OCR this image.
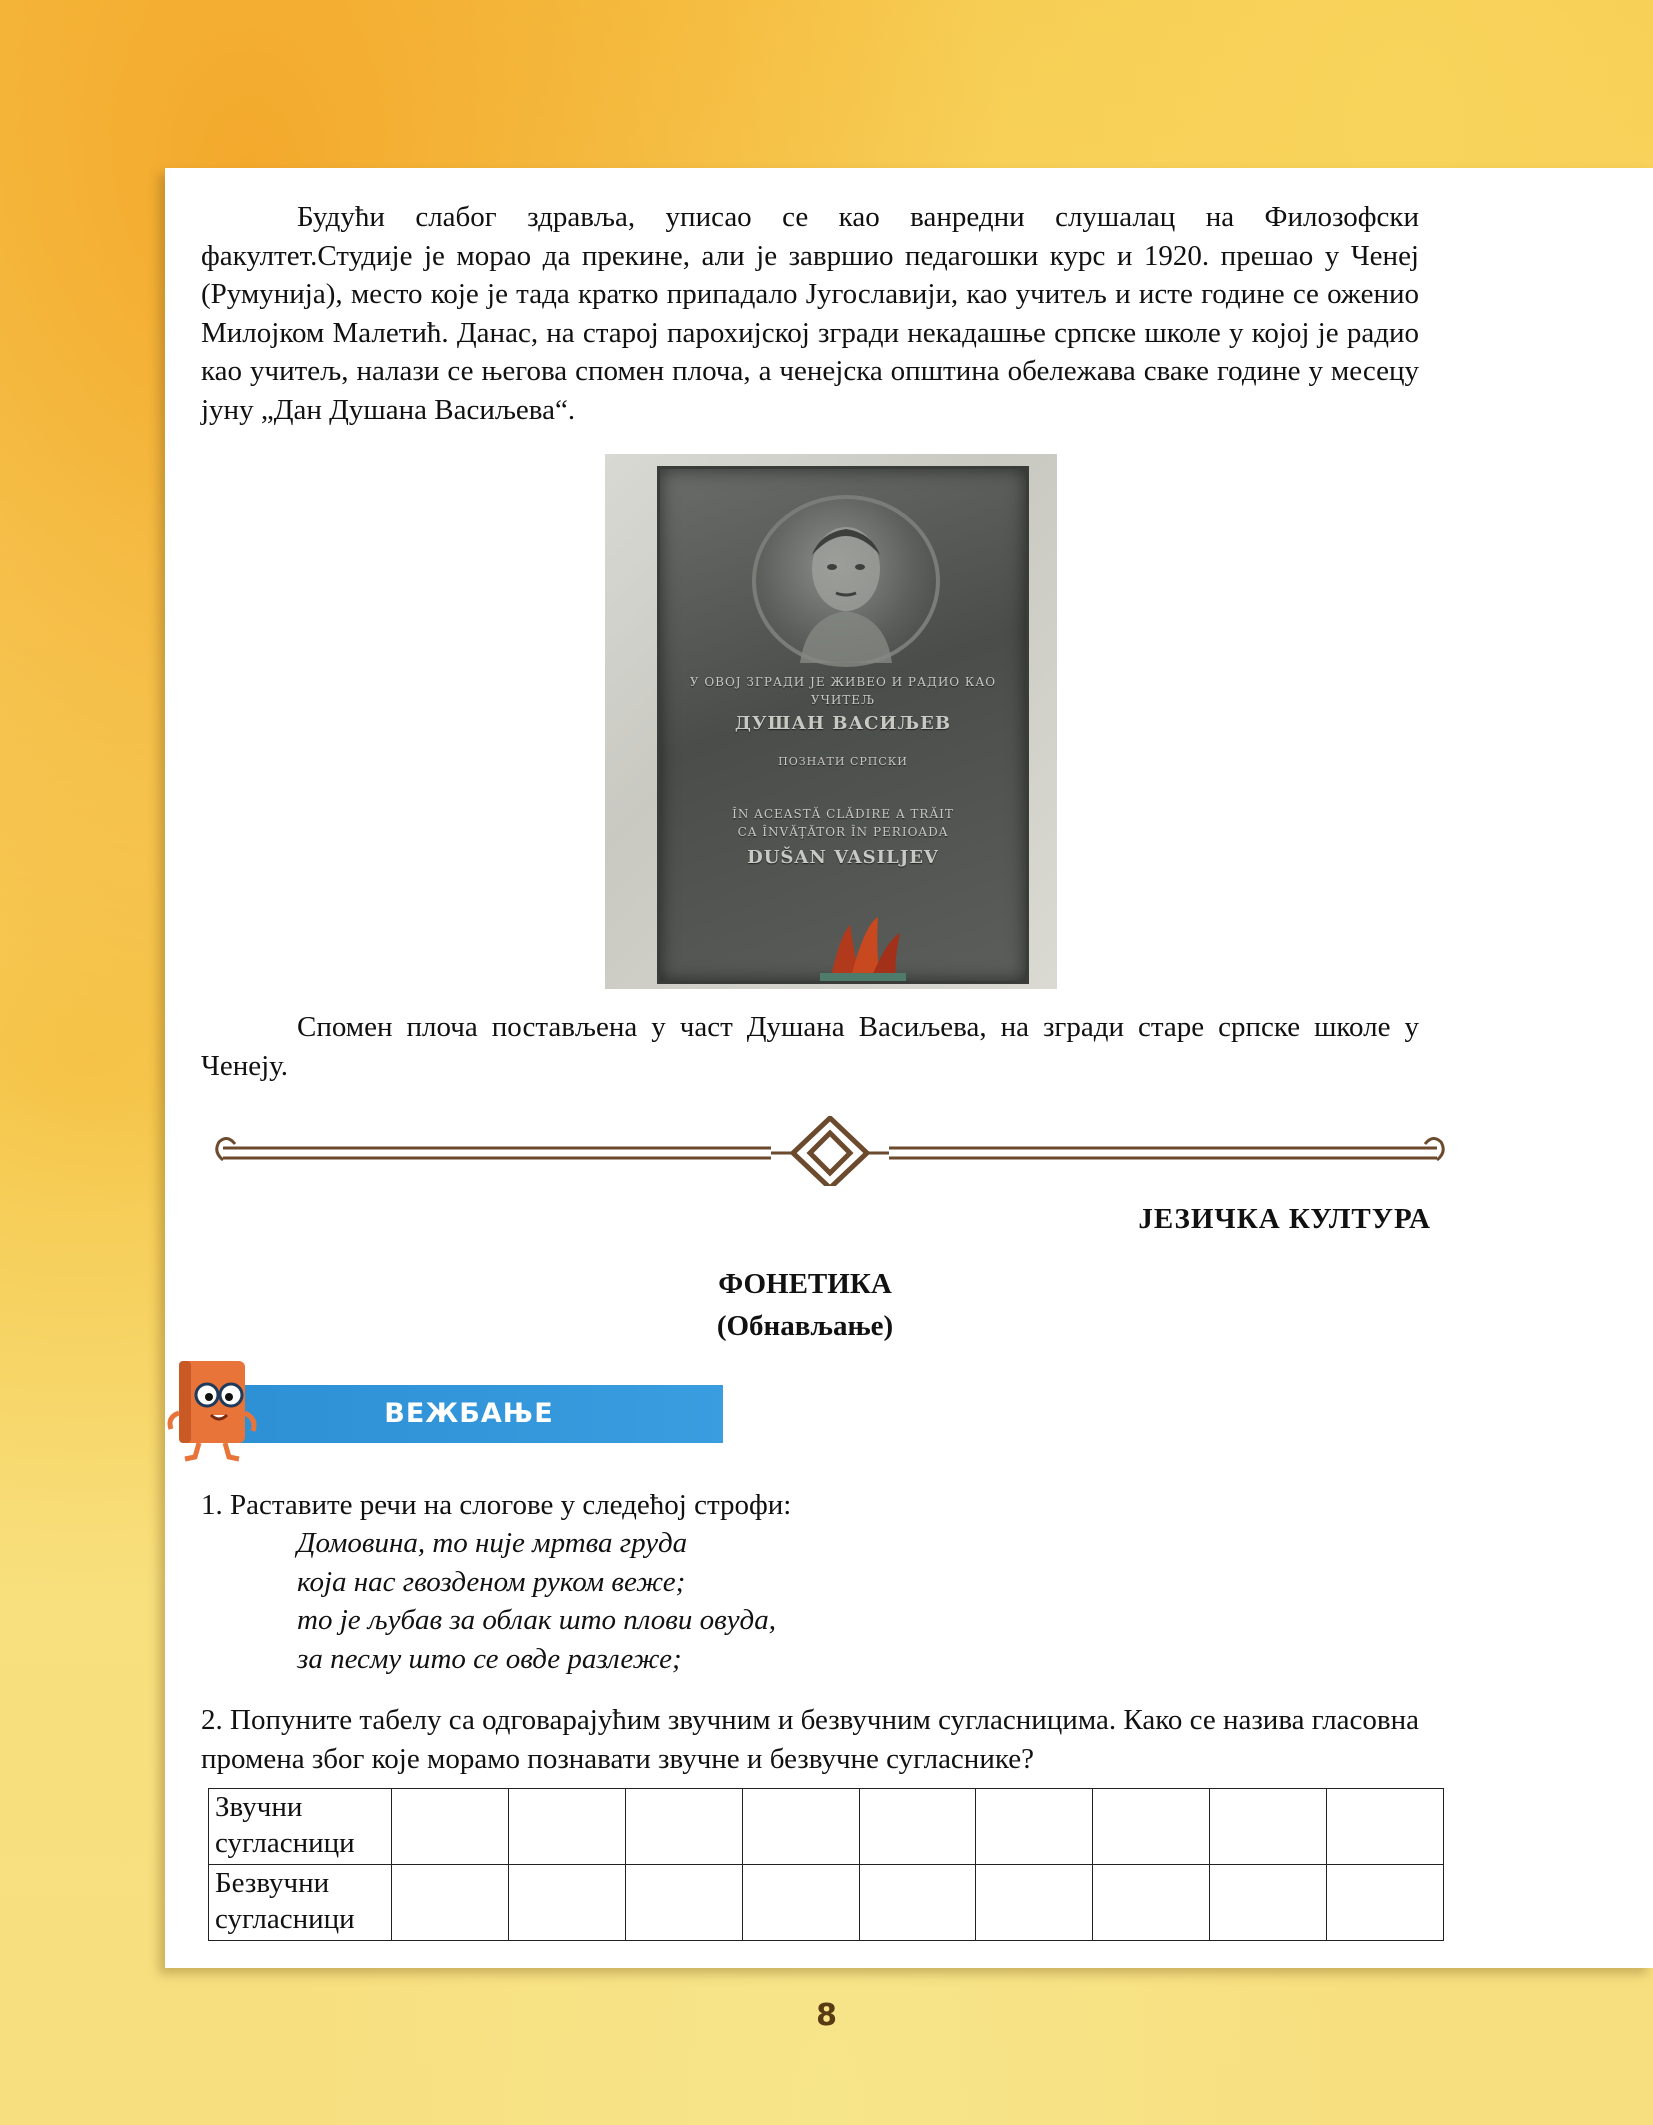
Будући слабог здравља, уписао се као ванредни слушалац на Филозофски факултет.Студије је морао да прекине, али је завршио педагошки курс и 1920. прешао у Ченеј (Румунија), место које је тада кратко припадало Југославији, као учитељ и исте године се оженио Милојком Малетић. Данас, на старој парохијској згради некадашње српске школе у којој је радио као учитељ, налази се његова спомен плоча, а ченејска општина обележава сваке године у месецу јуну „Дан Душана Васиљева“.

У ОВОЈ ЗГРАДИ ЈЕ ЖИВЕО И РАДИО КАО
УЧИТЕЉ
ДУШАН ВАСИЉЕВ
ПОЗНАТИ СРПСКИ
ÎN ACEASTĂ CLĂDIRE A TRĂIT
CA ÎNVĂŢĂTOR ÎN PERIOADA
DUŠAN VASILJEV

Спомен плоча постављена у част Душана Васиљева, на згради старе српске школе у Ченеју.

ЈЕЗИЧКА КУЛТУРА
ФОНЕТИКА
(Обнављање)
ВЕЖБАЊЕ

1. Раставите речи на слогове у следећој строфи:

Домовина, то није мртва груда

која нас гвозденом руком веже;

то је љубав за облак што плови овуда,

за песму што се овде разлеже;

2. Попуните табелу са одговарајућим звучним и безвучним сугласницима. Како се назива гласовна промена због које морамо познавати звучне и безвучне сугласнике?

Звучни сугласници									
Безвучни сугласници									
8
